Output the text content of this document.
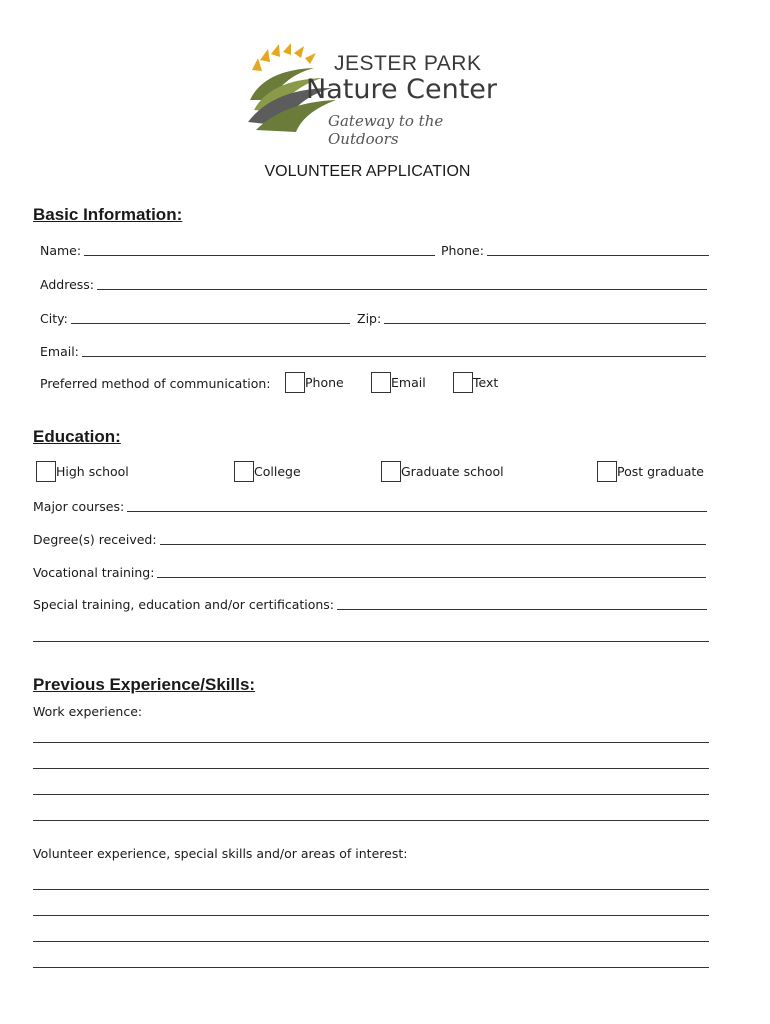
JESTER PARK
Nature Center
Gateway to the Outdoors
VOLUNTEER APPLICATION
Basic Information:
Name:	Phone:
Address:
City:	Zip:
Email:
Preferred method of communication:	Phone	Email	Text
Education:
High school	College	Graduate school	Post graduate
Major courses:
Degree(s) received:
Vocational training:
Special training, education and/or certifications:
Previous Experience/Skills:
Work experience:
Volunteer experience, special skills and/or areas of interest:
